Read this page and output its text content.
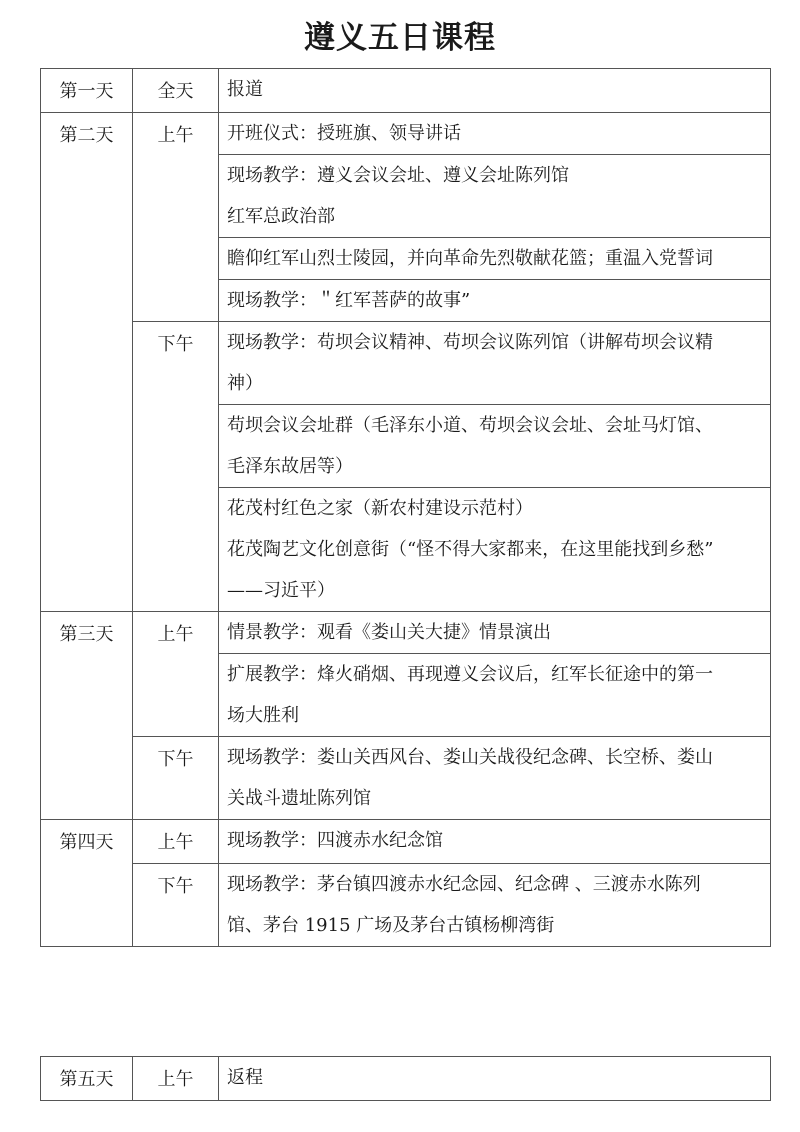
遵义五日课程
第一天	全天	报道

第二天	上午	开班仪式：授班旗、领导讲话

		现场教学：遵义会议会址、遵义会址陈列馆
红军总政治部

		瞻仰红军山烈士陵园，并向革命先烈敬献花篮；重温入党誓词

		现场教学：＂红军菩萨的故事”

	下午	现场教学：苟坝会议精神、苟坝会议陈列馆（讲解苟坝会议精
神）

		苟坝会议会址群（毛泽东小道、苟坝会议会址、会址马灯馆、
毛泽东故居等）

		花茂村红色之家（新农村建设示范村）
花茂陶艺文化创意街（“怪不得大家都来，在这里能找到乡愁”
——习近平）

第三天	上午	情景教学：观看《娄山关大捷》情景演出

		扩展教学：烽火硝烟、再现遵义会议后，红军长征途中的第一
场大胜利

	下午	现场教学：娄山关西风台、娄山关战役纪念碑、长空桥、娄山
关战斗遗址陈列馆

第四天	上午	现场教学：四渡赤水纪念馆

	下午	现场教学：茅台镇四渡赤水纪念园、纪念碑 、三渡赤水陈列
馆、茅台 1915 广场及茅台古镇杨柳湾街
第五天	上午	返程
